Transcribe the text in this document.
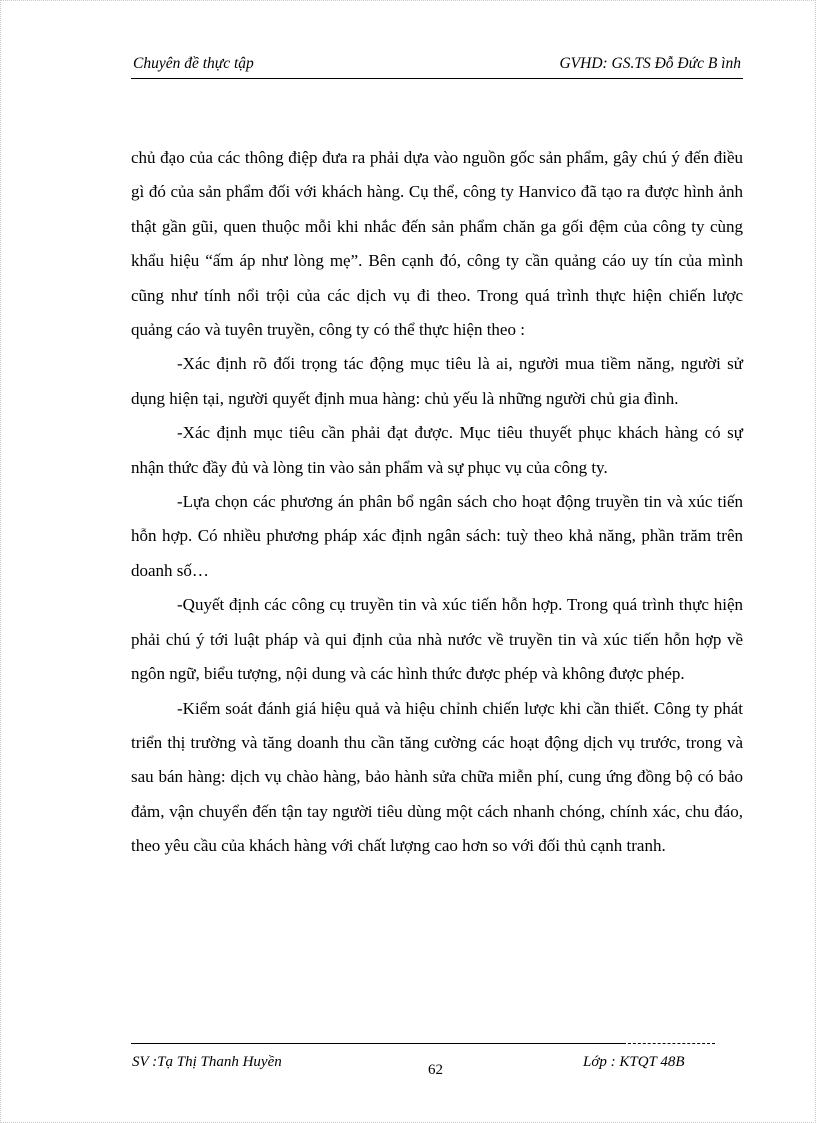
Chuyên đề thực tập	GVHD: GS.TS Đỗ Đức B ình

chủ đạo của các thông điệp đưa ra phải dựa vào nguồn gốc sản phẩm, gây chú ý đến điều gì đó của sản phẩm đối với khách hàng. Cụ thể, công ty Hanvico đã tạo ra được hình ảnh thật gần gũi, quen thuộc mỗi khi nhắc đến sản phẩm chăn ga gối đệm của công ty cùng khẩu hiệu “ấm áp như lòng mẹ”. Bên cạnh đó, công ty cần quảng cáo uy tín của mình cũng như tính nổi trội của các dịch vụ đi theo. Trong quá trình thực hiện chiến lược quảng cáo và tuyên truyền, công ty có thể thực hiện theo :

-Xác định rõ đối trọng tác động mục tiêu là ai, người mua tiềm năng, người sử dụng hiện tại, người quyết định mua hàng: chủ yếu là những người chủ gia đình.

-Xác định mục tiêu cần phải đạt được. Mục tiêu thuyết phục khách hàng có sự nhận thức đầy đủ và lòng tin vào sản phẩm và sự phục vụ của công ty.

-Lựa chọn các phương án phân bổ ngân sách cho hoạt động truyền tin và xúc tiến hỗn hợp. Có nhiều phương pháp xác định ngân sách: tuỳ theo khả năng, phần trăm trên doanh số…

-Quyết định các công cụ truyền tin và xúc tiến hỗn hợp. Trong quá trình thực hiện phải chú ý tới luật pháp và qui định của nhà nước về truyền tin và xúc tiến hỗn hợp về ngôn ngữ, biểu tượng, nội dung và các hình thức được phép và không được phép.

-Kiểm soát đánh giá hiệu quả và hiệu chỉnh chiến lược khi cần thiết. Công ty phát triển thị trường và tăng doanh thu cần tăng cường các hoạt động dịch vụ trước, trong và sau bán hàng: dịch vụ chào hàng, bảo hành sửa chữa miễn phí, cung ứng đồng bộ có bảo đảm, vận chuyển đến tận tay người tiêu dùng một cách nhanh chóng, chính xác, chu đáo, theo yêu cầu của khách hàng với chất lượng cao hơn so với đối thủ cạnh tranh.

SV :Tạ Thị Thanh Huyền	62	Lớp : KTQT 48B
